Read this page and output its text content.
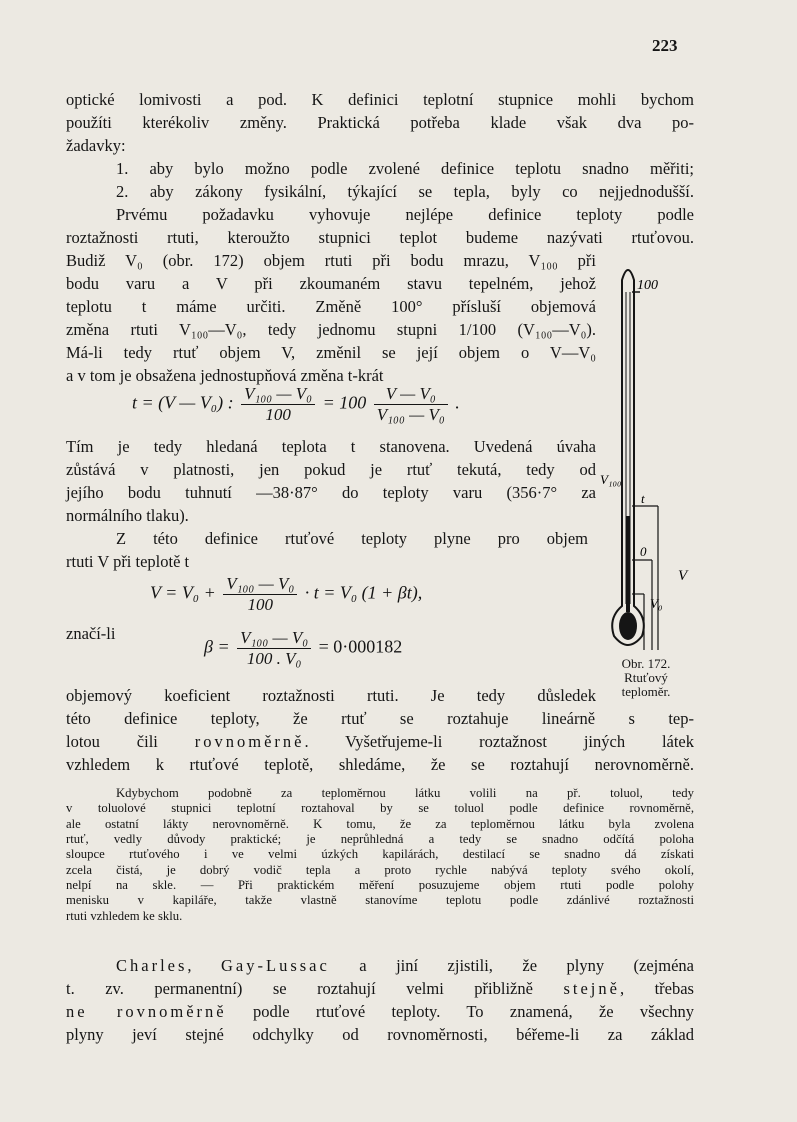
223
optické lomivosti a pod. K definici teplotní stupnice mohli bychom
použíti kterékoliv změny. Praktická potřeba klade však dva po-
žadavky:
1. aby bylo možno podle zvolené definice teplotu snadno měřiti;
2. aby zákony fysikální, týkající se tepla, byly co nejjednodušší.
Prvému požadavku vyhovuje nejlépe definice teploty podle
roztažnosti rtuti, kteroužto stupnici teplot budeme nazývati rtuťovou.
Budiž V₀ (obr. 172) objem rtuti při bodu mrazu, V₁₀₀ při
bodu varu a V při zkoumaném stavu tepelném, jehož
teplotu t máme určiti. Změně 100° přísluší objemová
změna rtuti V₁₀₀—V₀, tedy jednomu stupni 1/100 (V₁₀₀—V₀).
Má-li tedy rtuť objem V, změnil se její objem o V—V₀
a v tom je obsažena jednostupňová změna t-krát
t = (V — V₀) : $\frac{\text{V₁₀₀ — V₀}}{100} = 100 \frac{\text{V — V₀}}{\text{V₁₀₀ — V₀}}$ .
Tím je tedy hledaná teplota t stanovena. Uvedená úvaha
zůstává v platnosti, jen pokud je rtuť tekutá, tedy od
jejího bodu tuhnutí —38·87° do teploty varu (356·7° za
normálního tlaku).
Z této definice rtuťové teploty plyne pro objem
rtuti V při teplotě t
$V = V_0 + \frac{\text{V₁₀₀ — V₀}}{100} \cdot t = V_0$ (1 + βt),
značí-li
$\beta = \frac{\text{V₁₀₀ — V₀}}{\text{100 . V₀}} = 0\cdot 000182$
objemový koeficient roztažnosti rtuti. Je tedy důsledek
této definice teploty, že rtuť se roztahuje lineárně s tep-
lotou čili rovnoměrně. Vyšetřujeme-li roztažnost jiných látek
vzhledem k rtuťové teplotě, shledáme, že se roztahují nerovnoměrně.
Kdybychom podobně za teploměrnou látku volili na př. toluol, tedy
v toluolové stupnici teplotní roztahoval by se toluol podle definice rovnoměrně,
ale ostatní lákty nerovnoměrně. K tomu, že za teploměrnou látku byla zvolena
rtuť, vedly důvody praktické; je neprůhledná a tedy se snadno odčítá poloha
sloupce rtuťového i ve velmi úzkých kapilárách, destilací se snadno dá získati
zcela čistá, je dobrý vodič tepla a proto rychle nabývá teploty svého okolí,
nelpí na skle. — Při praktickém měření posuzujeme objem rtuti podle polohy
menisku v kapiláře, takže vlastně stanovíme teplotu podle zdánlivé roztažnosti
rtuti vzhledem ke sklu.
Charles, Gay-Lussac a jiní zjistili, že plyny (zejména
t. zv. permanentní) se roztahují velmi přibližně stejně, třebas
ne rovnoměrně podle rtuťové teploty. To znamená, že všechny
plyny jeví stejné odchylky od rovnoměrnosti, béřeme-li za základ
100
V₁₀₀
t
0
V
V₀
Obr. 172.
Rtuťový
teploměr.
